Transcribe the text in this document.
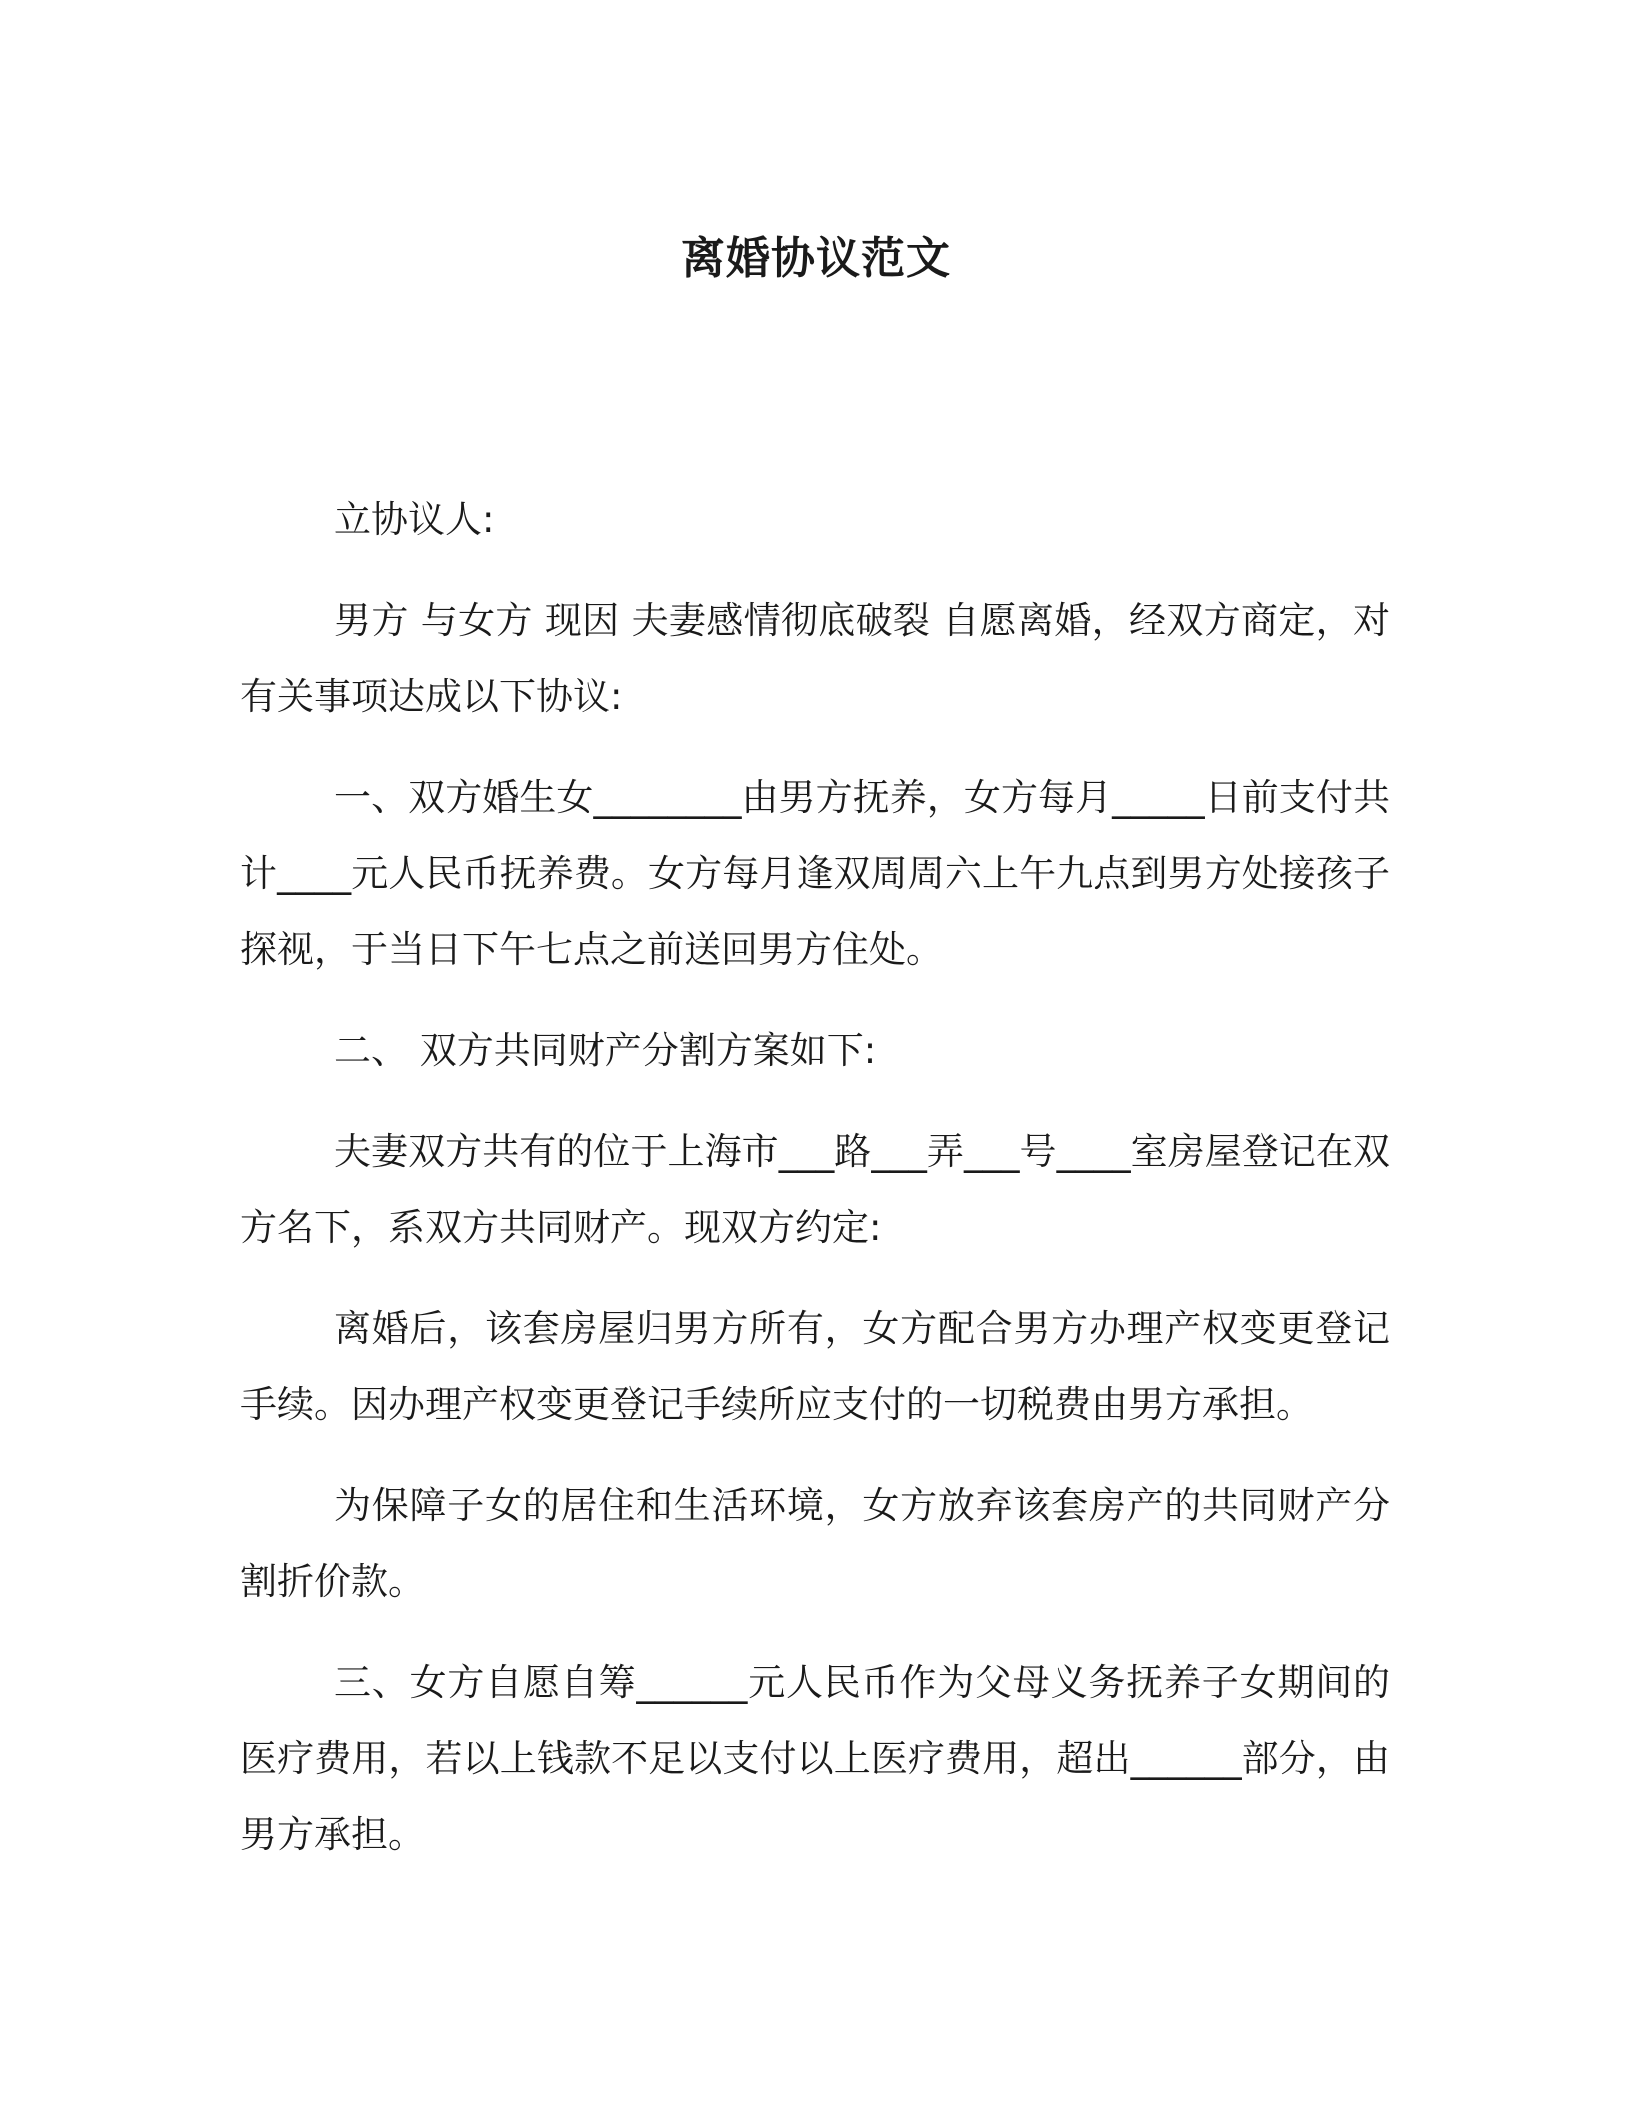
离婚协议范文

立协议人:

男方 与女方 现因 夫妻感情彻底破裂 自愿离婚，经双方商定，对有关事项达成以下协议:

一、双方婚生女________由男方抚养，女方每月_____日前支付共计____元人民币抚养费。女方每月逢双周周六上午九点到男方处接孩子探视，于当日下午七点之前送回男方住处。

二、 双方共同财产分割方案如下:

夫妻双方共有的位于上海市___路___弄___号____室房屋登记在双方名下，系双方共同财产。现双方约定:

离婚后，该套房屋归男方所有，女方配合男方办理产权变更登记手续。因办理产权变更登记手续所应支付的一切税费由男方承担。

为保障子女的居住和生活环境，女方放弃该套房产的共同财产分割折价款。

三、女方自愿自筹______元人民币作为父母义务抚养子女期间的医疗费用，若以上钱款不足以支付以上医疗费用，超出______部分，由男方承担。
